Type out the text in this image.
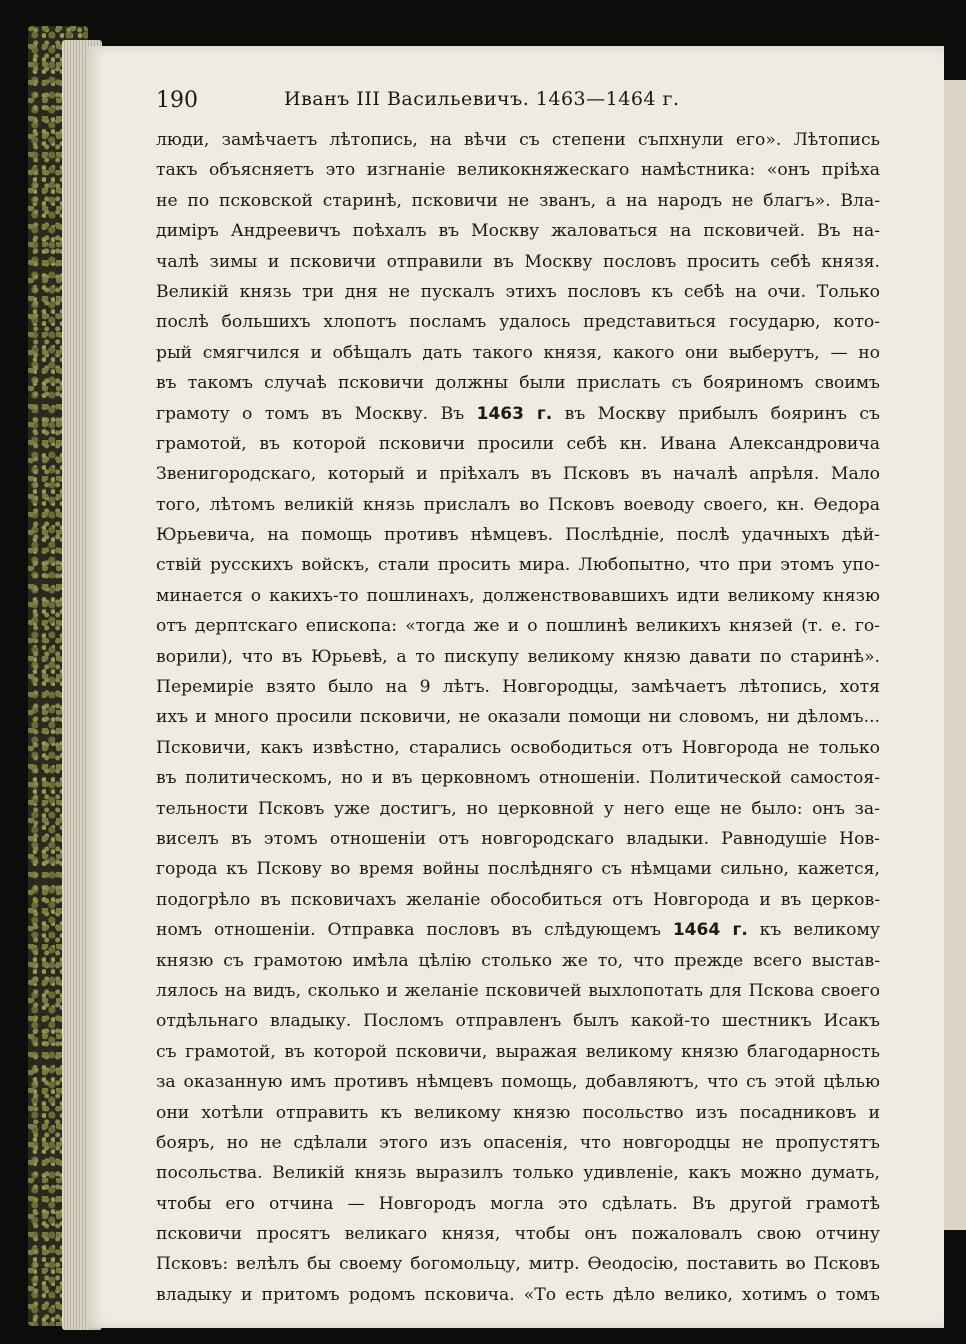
190	Иванъ III Васильевичъ. 1463—1464 г.
люди, замѣчаетъ лѣтопись, на вѣчи съ степени съпхнули его». Лѣтопись
такъ объясняетъ это изгнаніе великокняжескаго намѣстника: «онъ пріѣха
не по псковской старинѣ, псковичи не званъ, а на народъ не благъ». Вла-
диміръ Андреевичъ поѣхалъ въ Москву жаловаться на псковичей. Въ на-
чалѣ зимы и псковичи отправили въ Москву пословъ просить себѣ князя.
Великій князь три дня не пускалъ этихъ пословъ къ себѣ на очи. Только
послѣ большихъ хлопотъ посламъ удалось представиться государю, кото-
рый смягчился и обѣщалъ дать такого князя, какого они выберутъ, — но
въ такомъ случаѣ псковичи должны были прислать съ бояриномъ своимъ
грамоту о томъ въ Москву. Въ 1463 г. въ Москву прибылъ бояринъ съ
грамотой, въ которой псковичи просили себѣ кн. Ивана Александровича
Звенигородскаго, который и пріѣхалъ въ Псковъ въ началѣ апрѣля. Мало
того, лѣтомъ великій князь прислалъ во Псковъ воеводу своего, кн. Ѳедора
Юрьевича, на помощь противъ нѣмцевъ. Послѣдніе, послѣ удачныхъ дѣй-
ствій русскихъ войскъ, стали просить мира. Любопытно, что при этомъ упо-
минается о какихъ-то пошлинахъ, долженствовавшихъ идти великому князю
отъ дерптскаго епископа: «тогда же и о пошлинѣ великихъ князей (т. е. го-
ворили), что въ Юрьевѣ, а то пискупу великому князю давати по старинѣ».
Перемиріе взято было на 9 лѣтъ. Новгородцы, замѣчаетъ лѣтопись, хотя
ихъ и много просили псковичи, не оказали помощи ни словомъ, ни дѣломъ...
Псковичи, какъ извѣстно, старались освободиться отъ Новгорода не только
въ политическомъ, но и въ церковномъ отношеніи. Политической самостоя-
тельности Псковъ уже достигъ, но церковной у него еще не было: онъ за-
виселъ въ этомъ отношеніи отъ новгородскаго владыки. Равнодушіе Нов-
города къ Пскову во время войны послѣдняго съ нѣмцами сильно, кажется,
подогрѣло въ псковичахъ желаніе обособиться отъ Новгорода и въ церков-
номъ отношеніи. Отправка пословъ въ слѣдующемъ 1464 г. къ великому
князю съ грамотою имѣла цѣлію столько же то, что прежде всего выстав-
лялось на видъ, сколько и желаніе псковичей выхлопотать для Пскова своего
отдѣльнаго владыку. Посломъ отправленъ былъ какой-то шестникъ Исакъ
съ грамотой, въ которой псковичи, выражая великому князю благодарность
за оказанную имъ противъ нѣмцевъ помощь, добавляютъ, что съ этой цѣлью
они хотѣли отправить къ великому князю посольство изъ посадниковъ и
бояръ, но не сдѣлали этого изъ опасенія, что новгородцы не пропустятъ
посольства. Великій князь выразилъ только удивленіе, какъ можно думать,
чтобы его отчина — Новгородъ могла это сдѣлать. Въ другой грамотѣ
псковичи просятъ великаго князя, чтобы онъ пожаловалъ свою отчину
Псковъ: велѣлъ бы своему богомольцу, митр. Ѳеодосію, поставить во Псковъ
владыку и притомъ родомъ псковича. «То есть дѣло велико, хотимъ о томъ
